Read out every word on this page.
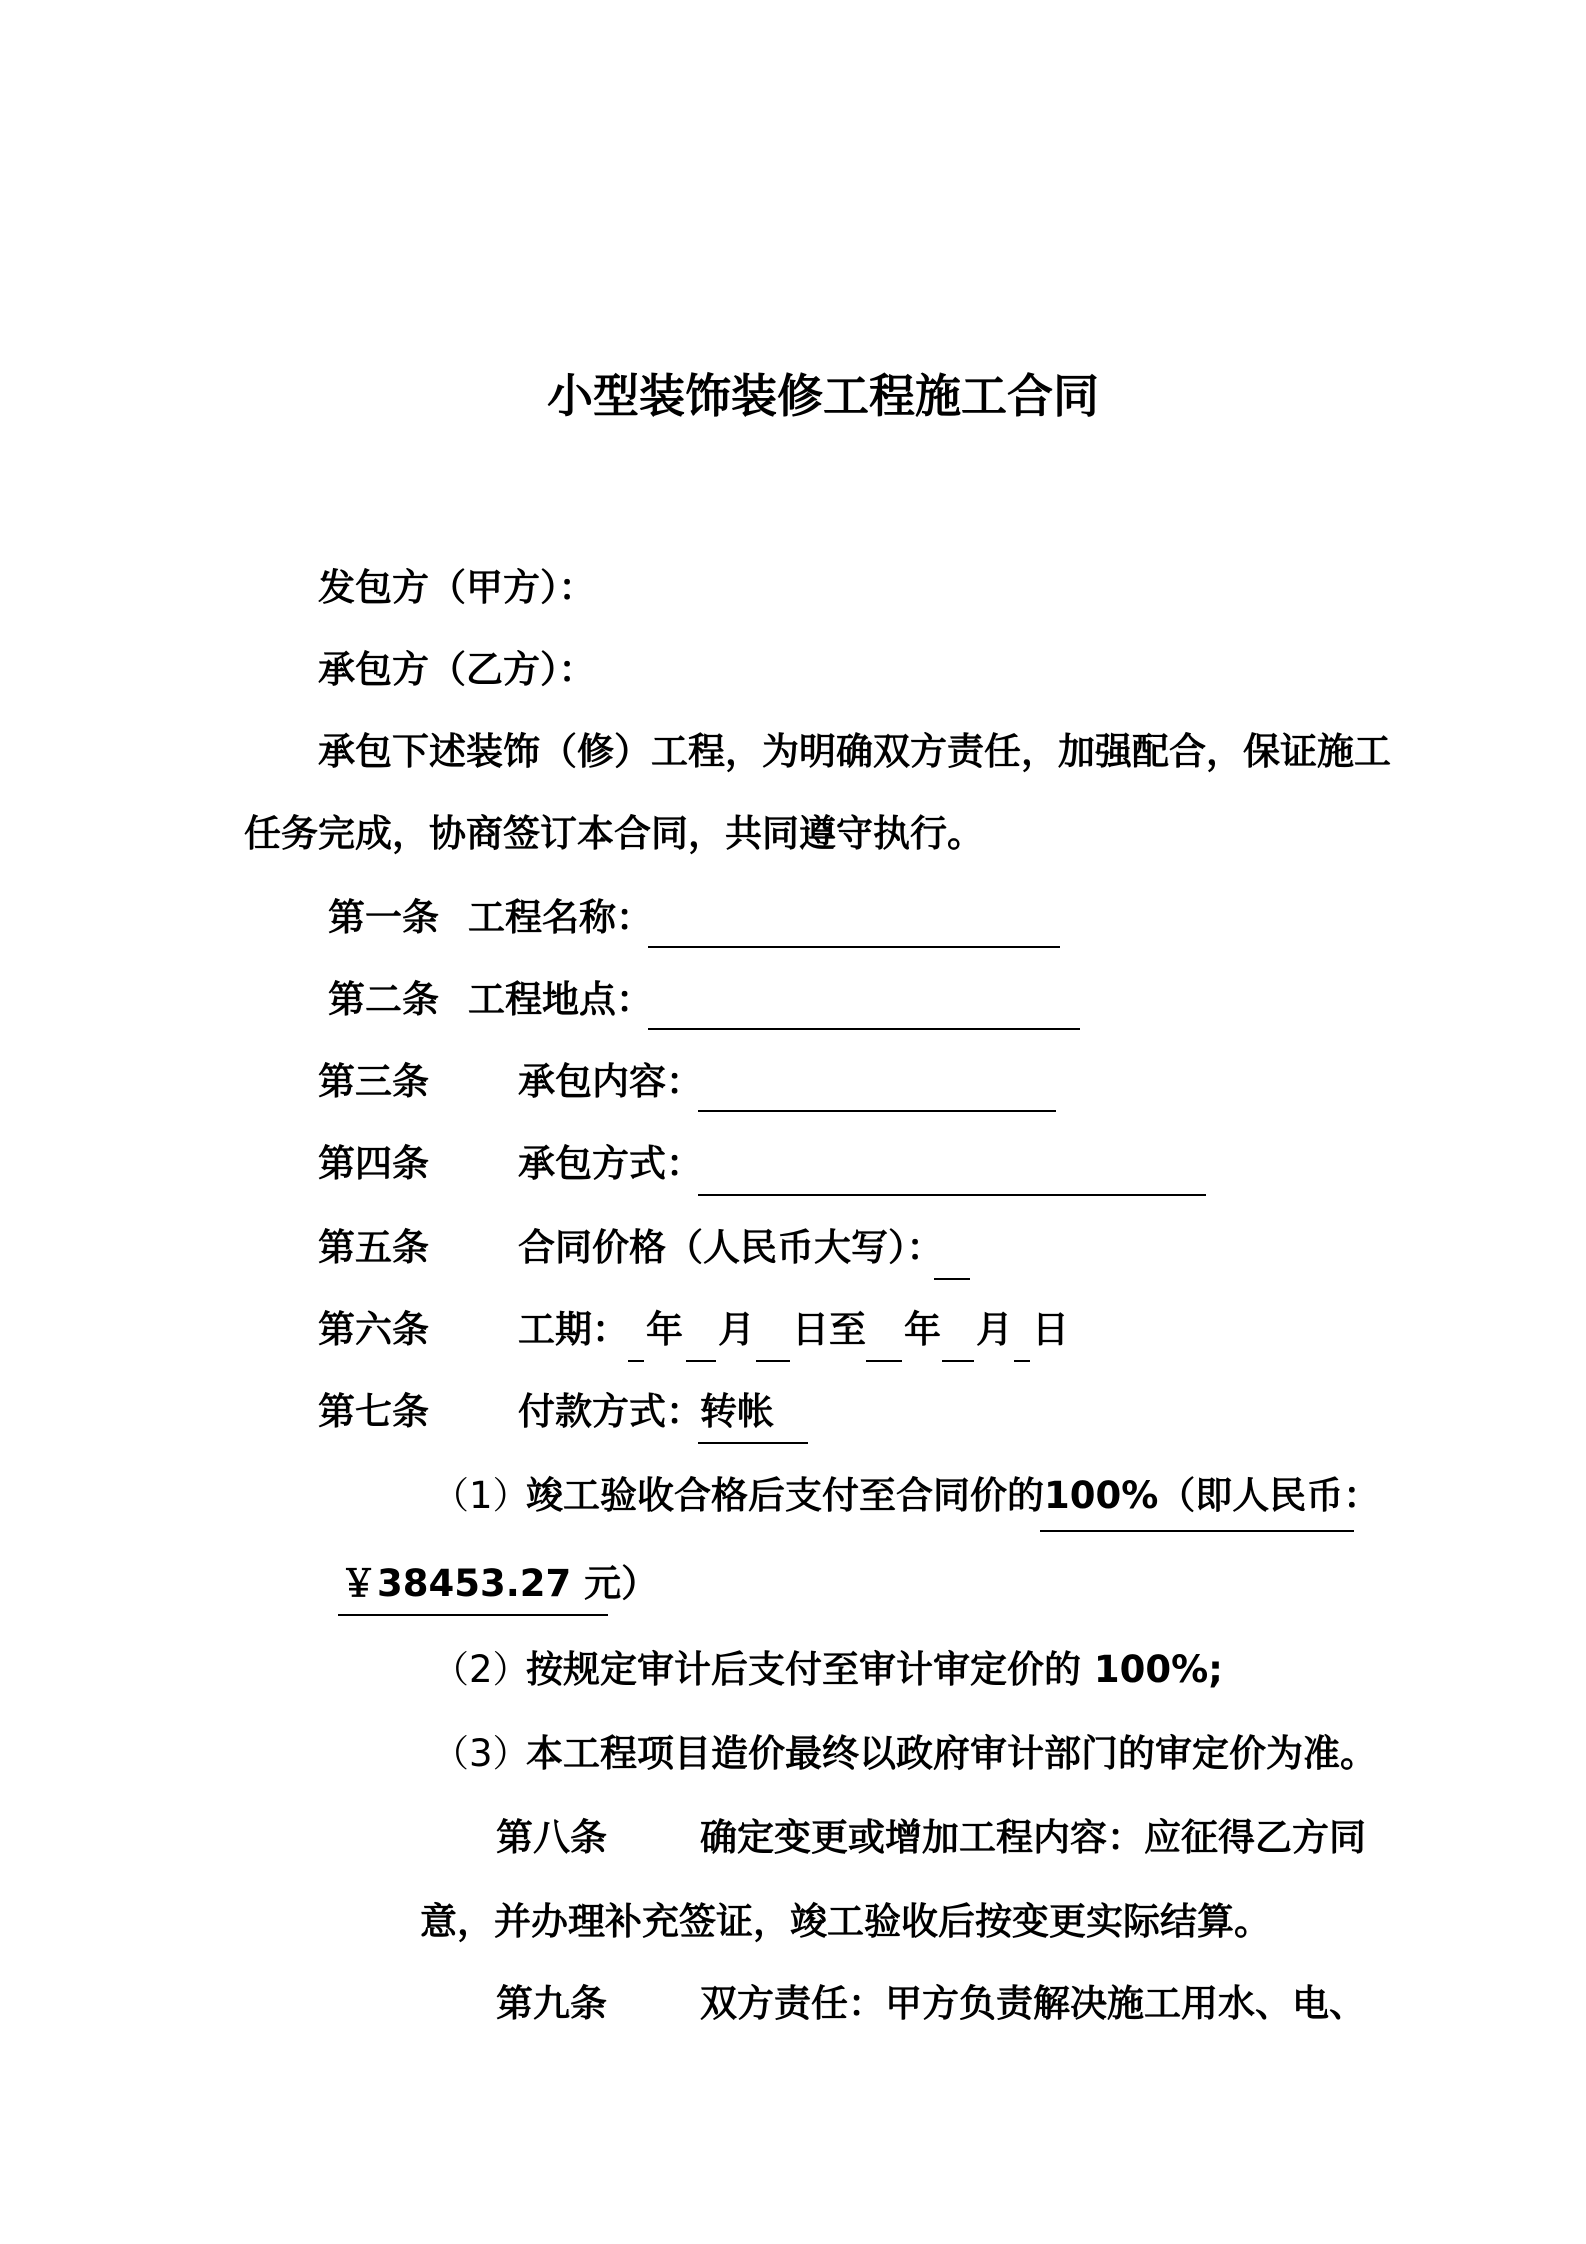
小型装饰装修工程施工合同
发包方（甲方）：
承包方（乙方）：
承包下述装饰（修）工程，为明确双方责任，加强配合，保证施工
任务完成，协商签订本合同，共同遵守执行。
第一条 工程名称：
第二条 工程地点：
第三条 承包内容：
第四条 承包方式：
第五条 合同价格（人民币大写）：
第六条 工期： 年 月 日至 年 月 日
第七条 付款方式：
转帐
（1）
竣工验收合格后支付至合同价的 100%（即人民币：
￥38453.27 元）
（2）
按规定审计后支付至审计审定价的 100%;
（3）
本工程项目造价最终以政府审计部门的审定价为准。
第八条	确定变更或增加工程内容：应征得乙方同
意，并办理补充签证，竣工验收后按变更实际结算。
第九条	双方责任：甲方负责解决施工用水、电、
